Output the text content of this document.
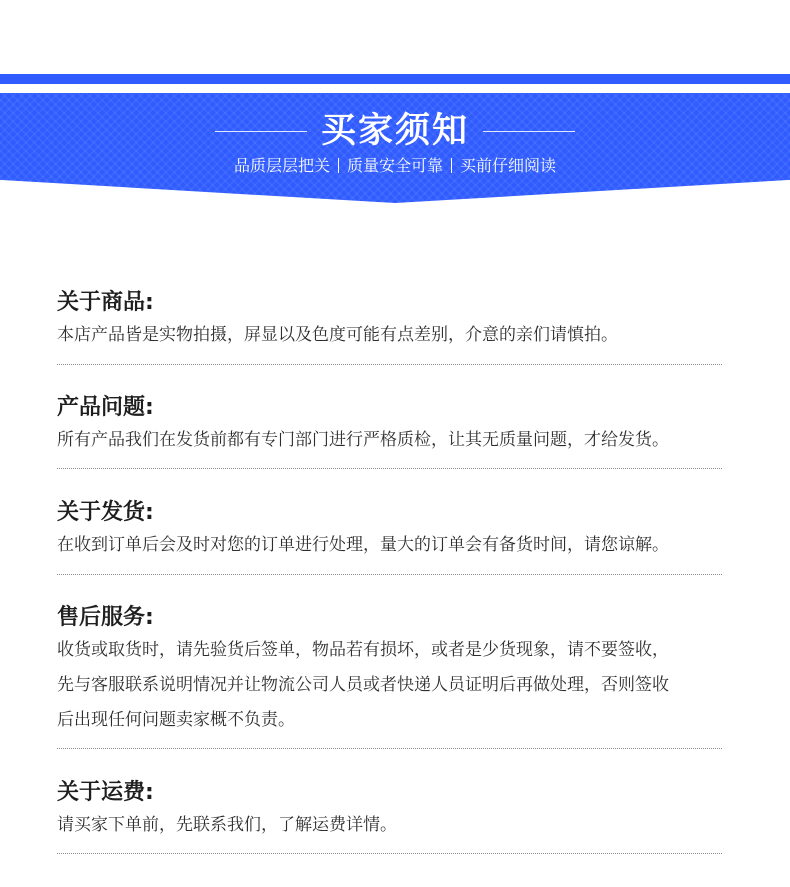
买家须知
品质层层把关 质量安全可靠 买前仔细阅读

关于商品:

本店产品皆是实物拍摄，屏显以及色度可能有点差别，介意的亲们请慎拍。

产品问题:

所有产品我们在发货前都有专门部门进行严格质检，让其无质量问题，才给发货。

关于发货:

在收到订单后会及时对您的订单进行处理，量大的订单会有备货时间，请您谅解。

售后服务:

收货或取货时，请先验货后签单，物品若有损坏，或者是少货现象，请不要签收，

先与客服联系说明情况并让物流公司人员或者快递人员证明后再做处理，否则签收

后出现任何问题卖家概不负责。

关于运费:

请买家下单前，先联系我们，了解运费详情。
